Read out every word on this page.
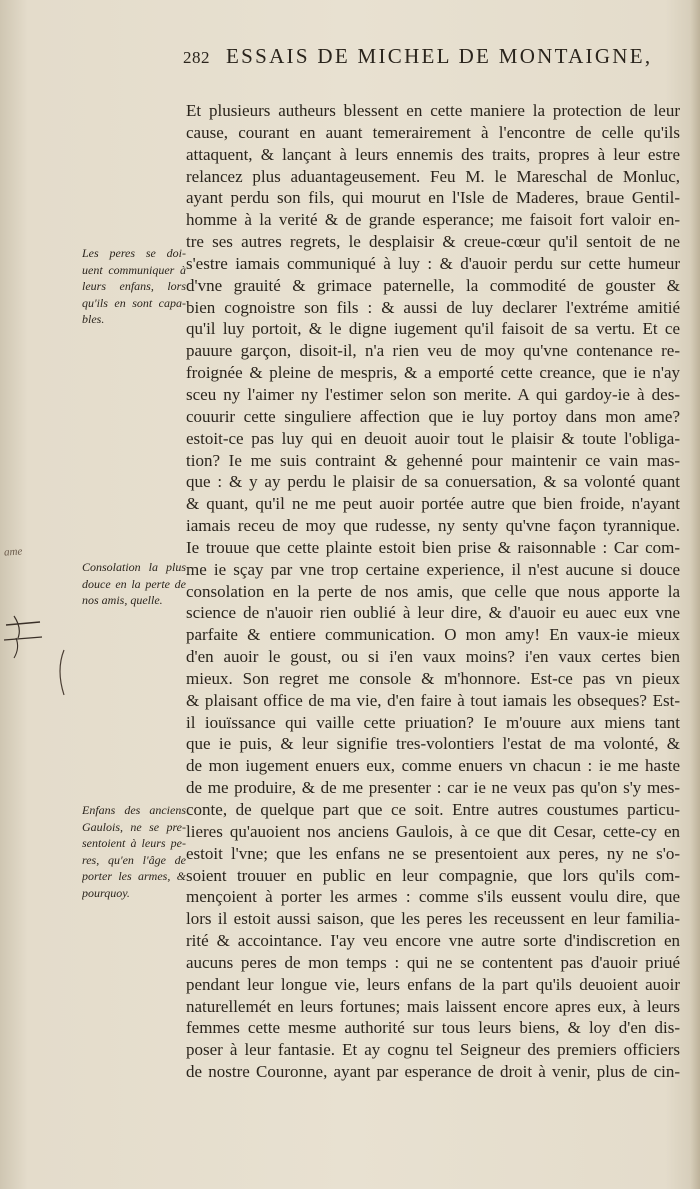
282 ESSAIS DE MICHEL DE MONTAIGNE,
Et plusieurs autheurs blessent en cette maniere la protection de leur
cause, courant en auant temerairement à l'encontre de celle qu'ils
attaquent, & lançant à leurs ennemis des traits, propres à leur estre
relancez plus aduantageusement. Feu M. le Mareschal de Monluc,
ayant perdu son fils, qui mourut en l'Isle de Maderes, braue Gentil-
homme à la verité & de grande esperance; me faisoit fort valoir en-
tre ses autres regrets, le desplaisir & creue-cœur qu'il sentoit de ne
s'estre iamais communiqué à luy : & d'auoir perdu sur cette humeur
d'vne grauité & grimace paternelle, la commodité de gouster &
bien cognoistre son fils : & aussi de luy declarer l'extréme amitié
qu'il luy portoit, & le digne iugement qu'il faisoit de sa vertu. Et ce
pauure garçon, disoit-il, n'a rien veu de moy qu'vne contenance re-
froignée & pleine de mespris, & a emporté cette creance, que ie n'ay
sceu ny l'aimer ny l'estimer selon son merite. A qui gardoy-ie à des-
couurir cette singuliere affection que ie luy portoy dans mon ame?
estoit-ce pas luy qui en deuoit auoir tout le plaisir & toute l'obliga-
tion? Ie me suis contraint & gehenné pour maintenir ce vain mas-
que : & y ay perdu le plaisir de sa conuersation, & sa volonté quant
& quant, qu'il ne me peut auoir portée autre que bien froide, n'ayant
iamais receu de moy que rudesse, ny senty qu'vne façon tyrannique.
Ie trouue que cette plainte estoit bien prise & raisonnable : Car com-
me ie sçay par vne trop certaine experience, il n'est aucune si douce
consolation en la perte de nos amis, que celle que nous apporte la
science de n'auoir rien oublié à leur dire, & d'auoir eu auec eux vne
parfaite & entiere communication. O mon amy! En vaux-ie mieux
d'en auoir le goust, ou si i'en vaux moins? i'en vaux certes bien
mieux. Son regret me console & m'honnore. Est-ce pas vn pieux
& plaisant office de ma vie, d'en faire à tout iamais les obseques? Est-
il iouïssance qui vaille cette priuation? Ie m'ouure aux miens tant
que ie puis, & leur signifie tres-volontiers l'estat de ma volonté, &
de mon iugement enuers eux, comme enuers vn chacun : ie me haste
de me produire, & de me presenter : car ie ne veux pas qu'on s'y mes-
conte, de quelque part que ce soit. Entre autres coustumes particu-
lieres qu'auoient nos anciens Gaulois, à ce que dit Cesar, cette-cy en
estoit l'vne; que les enfans ne se presentoient aux peres, ny ne s'o-
soient trouuer en public en leur compagnie, que lors qu'ils com-
mençoient à porter les armes : comme s'ils eussent voulu dire, que
lors il estoit aussi saison, que les peres les receussent en leur familia-
rité & accointance. I'ay veu encore vne autre sorte d'indiscretion en
aucuns peres de mon temps : qui ne se contentent pas d'auoir priué
pendant leur longue vie, leurs enfans de la part qu'ils deuoient auoir
naturellemét en leurs fortunes; mais laissent encore apres eux, à leurs
femmes cette mesme authorité sur tous leurs biens, & loy d'en dis-
poser à leur fantasie. Et ay cognu tel Seigneur des premiers officiers
de nostre Couronne, ayant par esperance de droit à venir, plus de cin-
Les peres se doi-
uent communiquer à
leurs enfans, lors
qu'ils en sont capa-
bles.
Consolation la plus
douce en la perte de
nos amis, quelle.
Enfans des anciens
Gaulois, ne se pre-
sentoient à leurs pe-
res, qu'en l'âge de
porter les armes, &
pourquoy.
ame
